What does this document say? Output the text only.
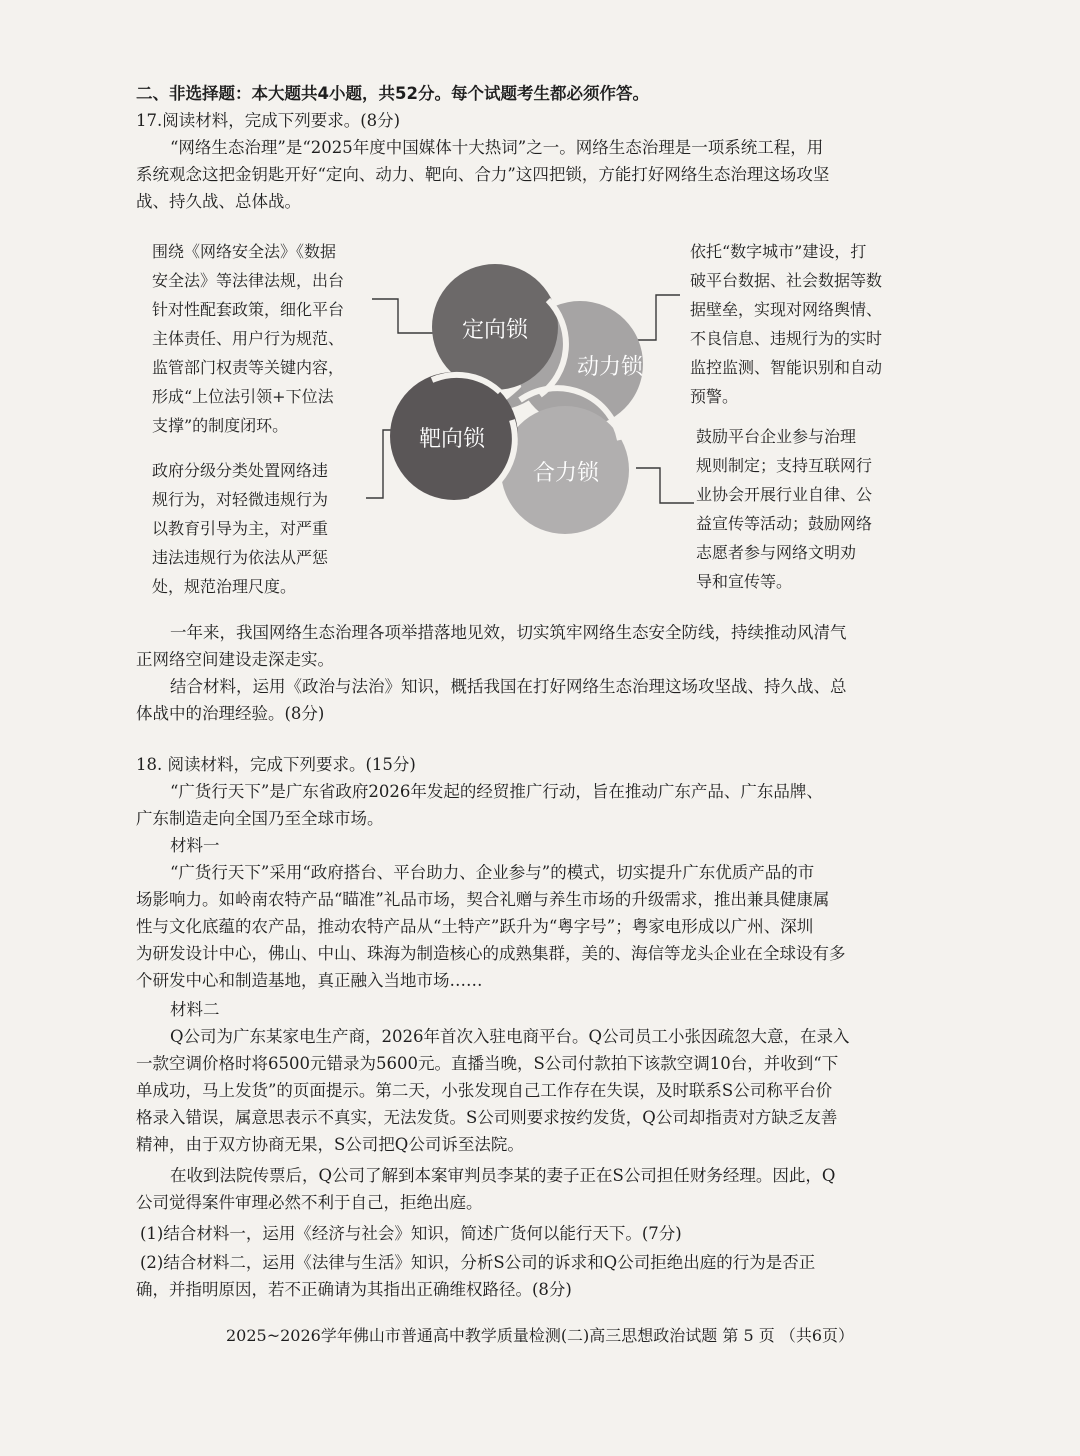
二、非选择题：本大题共4小题，共52分。每个试题考生都必须作答。
17.阅读材料，完成下列要求。(8分)
“网络生态治理”是“2025年度中国媒体十大热词”之一。网络生态治理是一项系统工程，用
系统观念这把金钥匙开好“定向、动力、靶向、合力”这四把锁，方能打好网络生态治理这场攻坚
战、持久战、总体战。
定向锁
动力锁
靶向锁
合力锁
围绕《网络安全法》《数据
安全法》等法律法规，出台
针对性配套政策，细化平台
主体责任、用户行为规范、
监管部门权责等关键内容，
形成“上位法引领+下位法
支撑”的制度闭环。
依托“数字城市”建设，打
破平台数据、社会数据等数
据壁垒，实现对网络舆情、
不良信息、违规行为的实时
监控监测、智能识别和自动
预警。
政府分级分类处置网络违
规行为，对轻微违规行为
以教育引导为主，对严重
违法违规行为依法从严惩
处，规范治理尺度。
鼓励平台企业参与治理
规则制定；支持互联网行
业协会开展行业自律、公
益宣传等活动；鼓励网络
志愿者参与网络文明劝
导和宣传等。
一年来，我国网络生态治理各项举措落地见效，切实筑牢网络生态安全防线，持续推动风清气
正网络空间建设走深走实。
结合材料，运用《政治与法治》知识，概括我国在打好网络生态治理这场攻坚战、持久战、总
体战中的治理经验。(8分)
18. 阅读材料，完成下列要求。(15分)
“广货行天下”是广东省政府2026年发起的经贸推广行动，旨在推动广东产品、广东品牌、
广东制造走向全国乃至全球市场。
材料一
“广货行天下”采用“政府搭台、平台助力、企业参与”的模式，切实提升广东优质产品的市
场影响力。如岭南农特产品“瞄准”礼品市场，契合礼赠与养生市场的升级需求，推出兼具健康属
性与文化底蕴的农产品，推动农特产品从“土特产”跃升为“粤字号”；粤家电形成以广州、深圳
为研发设计中心，佛山、中山、珠海为制造核心的成熟集群，美的、海信等龙头企业在全球设有多
个研发中心和制造基地，真正融入当地市场……
材料二
Q公司为广东某家电生产商，2026年首次入驻电商平台。Q公司员工小张因疏忽大意，在录入
一款空调价格时将6500元错录为5600元。直播当晚，S公司付款拍下该款空调10台，并收到“下
单成功，马上发货”的页面提示。第二天，小张发现自己工作存在失误，及时联系S公司称平台价
格录入错误，属意思表示不真实，无法发货。S公司则要求按约发货，Q公司却指责对方缺乏友善
精神，由于双方协商无果，S公司把Q公司诉至法院。
在收到法院传票后，Q公司了解到本案审判员李某的妻子正在S公司担任财务经理。因此，Q
公司觉得案件审理必然不利于自己，拒绝出庭。
(1)结合材料一，运用《经济与社会》知识，简述广货何以能行天下。(7分)
(2)结合材料二，运用《法律与生活》知识，分析S公司的诉求和Q公司拒绝出庭的行为是否正
确，并指明原因，若不正确请为其指出正确维权路径。(8分)
2025~2026学年佛山市普通高中教学质量检测(二)高三思想政治试题 第 5 页 （共6页）
